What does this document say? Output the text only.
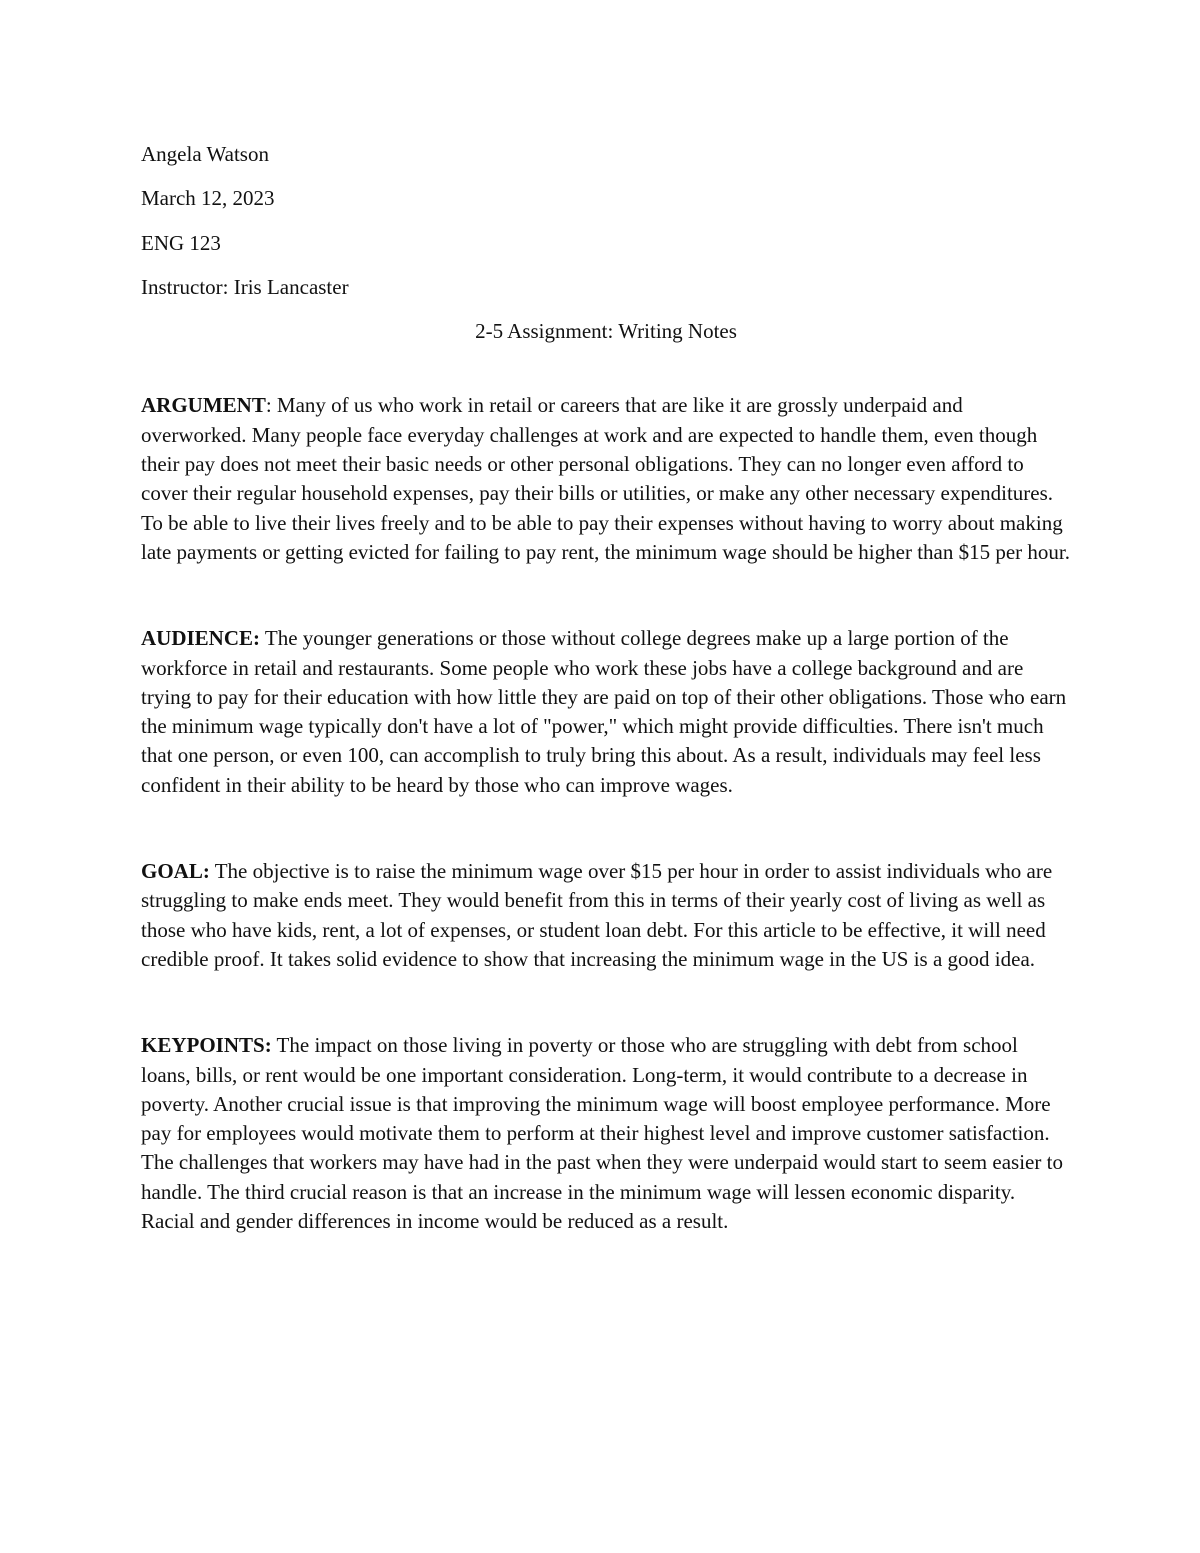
Angela Watson

March 12, 2023

ENG 123

Instructor: Iris Lancaster

2-5 Assignment: Writing Notes

ARGUMENT: Many of us who work in retail or careers that are like it are grossly underpaid and overworked. Many people face everyday challenges at work and are expected to handle them, even though their pay does not meet their basic needs or other personal obligations. They can no longer even afford to cover their regular household expenses, pay their bills or utilities, or make any other necessary expenditures. To be able to live their lives freely and to be able to pay their expenses without having to worry about making late payments or getting evicted for failing to pay rent, the minimum wage should be higher than $15 per hour.

AUDIENCE: The younger generations or those without college degrees make up a large portion of the workforce in retail and restaurants. Some people who work these jobs have a college background and are trying to pay for their education with how little they are paid on top of their other obligations. Those who earn the minimum wage typically don't have a lot of "power," which might provide difficulties. There isn't much that one person, or even 100, can accomplish to truly bring this about. As a result, individuals may feel less confident in their ability to be heard by those who can improve wages.

GOAL: The objective is to raise the minimum wage over $15 per hour in order to assist individuals who are struggling to make ends meet. They would benefit from this in terms of their yearly cost of living as well as those who have kids, rent, a lot of expenses, or student loan debt. For this article to be effective, it will need credible proof. It takes solid evidence to show that increasing the minimum wage in the US is a good idea.

KEYPOINTS: The impact on those living in poverty or those who are struggling with debt from school loans, bills, or rent would be one important consideration. Long-term, it would contribute to a decrease in poverty. Another crucial issue is that improving the minimum wage will boost employee performance. More pay for employees would motivate them to perform at their highest level and improve customer satisfaction. The challenges that workers may have had in the past when they were underpaid would start to seem easier to handle. The third crucial reason is that an increase in the minimum wage will lessen economic disparity. Racial and gender differences in income would be reduced as a result.
